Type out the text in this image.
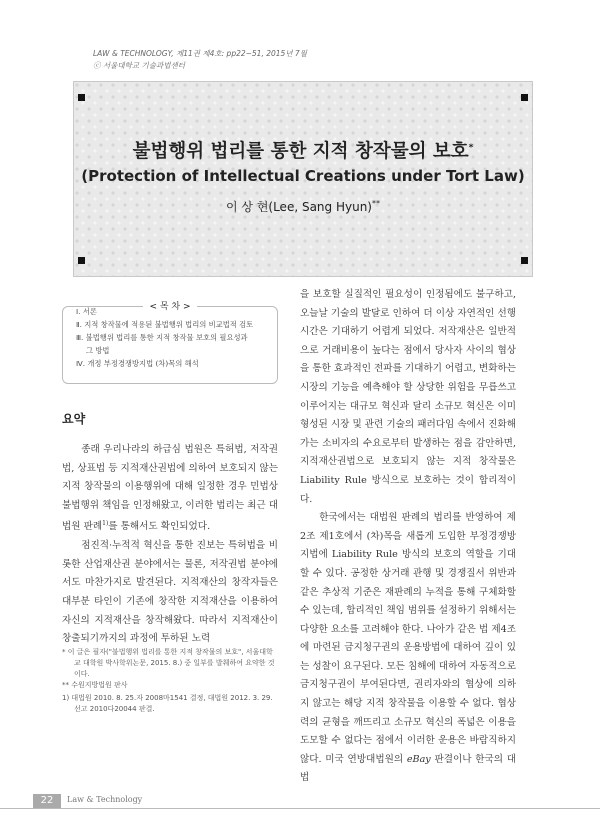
LAW & TECHNOLOGY, 제11권 제4호: pp22~51, 2015년 7월
ⓒ 서울대학교 기술과법센터
불법행위 법리를 통한 지적 창작물의 보호*
(Protection of Intellectual Creations under Tort Law)
이 상 현(Lee, Sang Hyun)**
< 목 차 >
Ⅰ. 서론
Ⅱ. 지적 창작물에 적용된 불법행위 법리의 비교법적 검토
Ⅲ. 불법행위 법리를 통한 지적 창작물 보호의 필요성과
그 방법
Ⅳ. 개정 부정경쟁방지법 (차)목의 해석
요약

종래 우리나라의 하급심 법원은 특허법, 저작권법, 상표법 등 지적재산권법에 의하여 보호되지 않는 지적 창작물의 이용행위에 대해 일정한 경우 민법상 불법행위 책임을 인정해왔고, 이러한 법리는 최근 대법원 판례$^{1)}$를 통해서도 확인되었다.

점진적·누적적 혁신을 통한 진보는 특허법을 비롯한 산업재산권 분야에서는 물론, 저작권법 분야에서도 마찬가지로 발견된다. 지적재산의 창작자들은 대부분 타인이 기존에 창작한 지적재산을 이용하여 자신의 지적재산을 창작해왔다. 따라서 지적재산이 창출되기까지의 과정에 투하된 노력

을 보호할 실질적인 필요성이 인정됨에도 불구하고, 오늘날 기술의 발달로 인하여 더 이상 자연적인 선행 시간은 기대하기 어렵게 되었다. 저작재산은 일반적으로 거래비용이 높다는 점에서 당사자 사이의 협상을 통한 효과적인 전파를 기대하기 어렵고, 변화하는 시장의 기능을 예측해야 할 상당한 위험을 무릅쓰고 이루어지는 대규모 혁신과 달리 소규모 혁신은 이미 형성된 시장 및 관련 기술의 패러다임 속에서 진화해가는 소비자의 수요로부터 발생하는 점을 감안하면, 지적재산권법으로 보호되지 않는 지적 창작물은 Liability Rule 방식으로 보호하는 것이 합리적이다.

한국에서는 대법원 판례의 법리를 반영하여 제2조 제1호에서 (차)목을 새롭게 도입한 부정경쟁방지법에 Liability Rule 방식의 보호의 역할을 기대할 수 있다. 공정한 상거래 관행 및 경쟁질서 위반과 같은 추상적 기준은 재판례의 누적을 통해 구체화할 수 있는데, 합리적인 책임 범위를 설정하기 위해서는 다양한 요소를 고려해야 한다. 나아가 같은 법 제4조에 마련된 금지청구권의 운용방법에 대하여 깊이 있는 성찰이 요구된다. 모든 침해에 대하여 자동적으로 금지청구권이 부여된다면, 권리자와의 협상에 의하지 않고는 해당 지적 창작물을 이용할 수 없다. 협상력의 균형을 깨뜨리고 소규모 혁신의 폭넓은 이용을 도모할 수 없다는 점에서 이러한 운용은 바람직하지 않다. 미국 연방대법원의 eBay 판결이나 한국의 대법

* 이 글은 필자("불법행위 법리를 통한 지적 창작물의 보호", 서울대학교 대학원 박사학위논문, 2015. 8.) 중 일부를 발췌하여 요약한 것이다.
** 수원지방법원 판사
1) 대법원 2010. 8. 25.자 2008마1541 결정, 대법원 2012. 3. 29. 선고 2010다20044 판결.
22	Law & Technology
